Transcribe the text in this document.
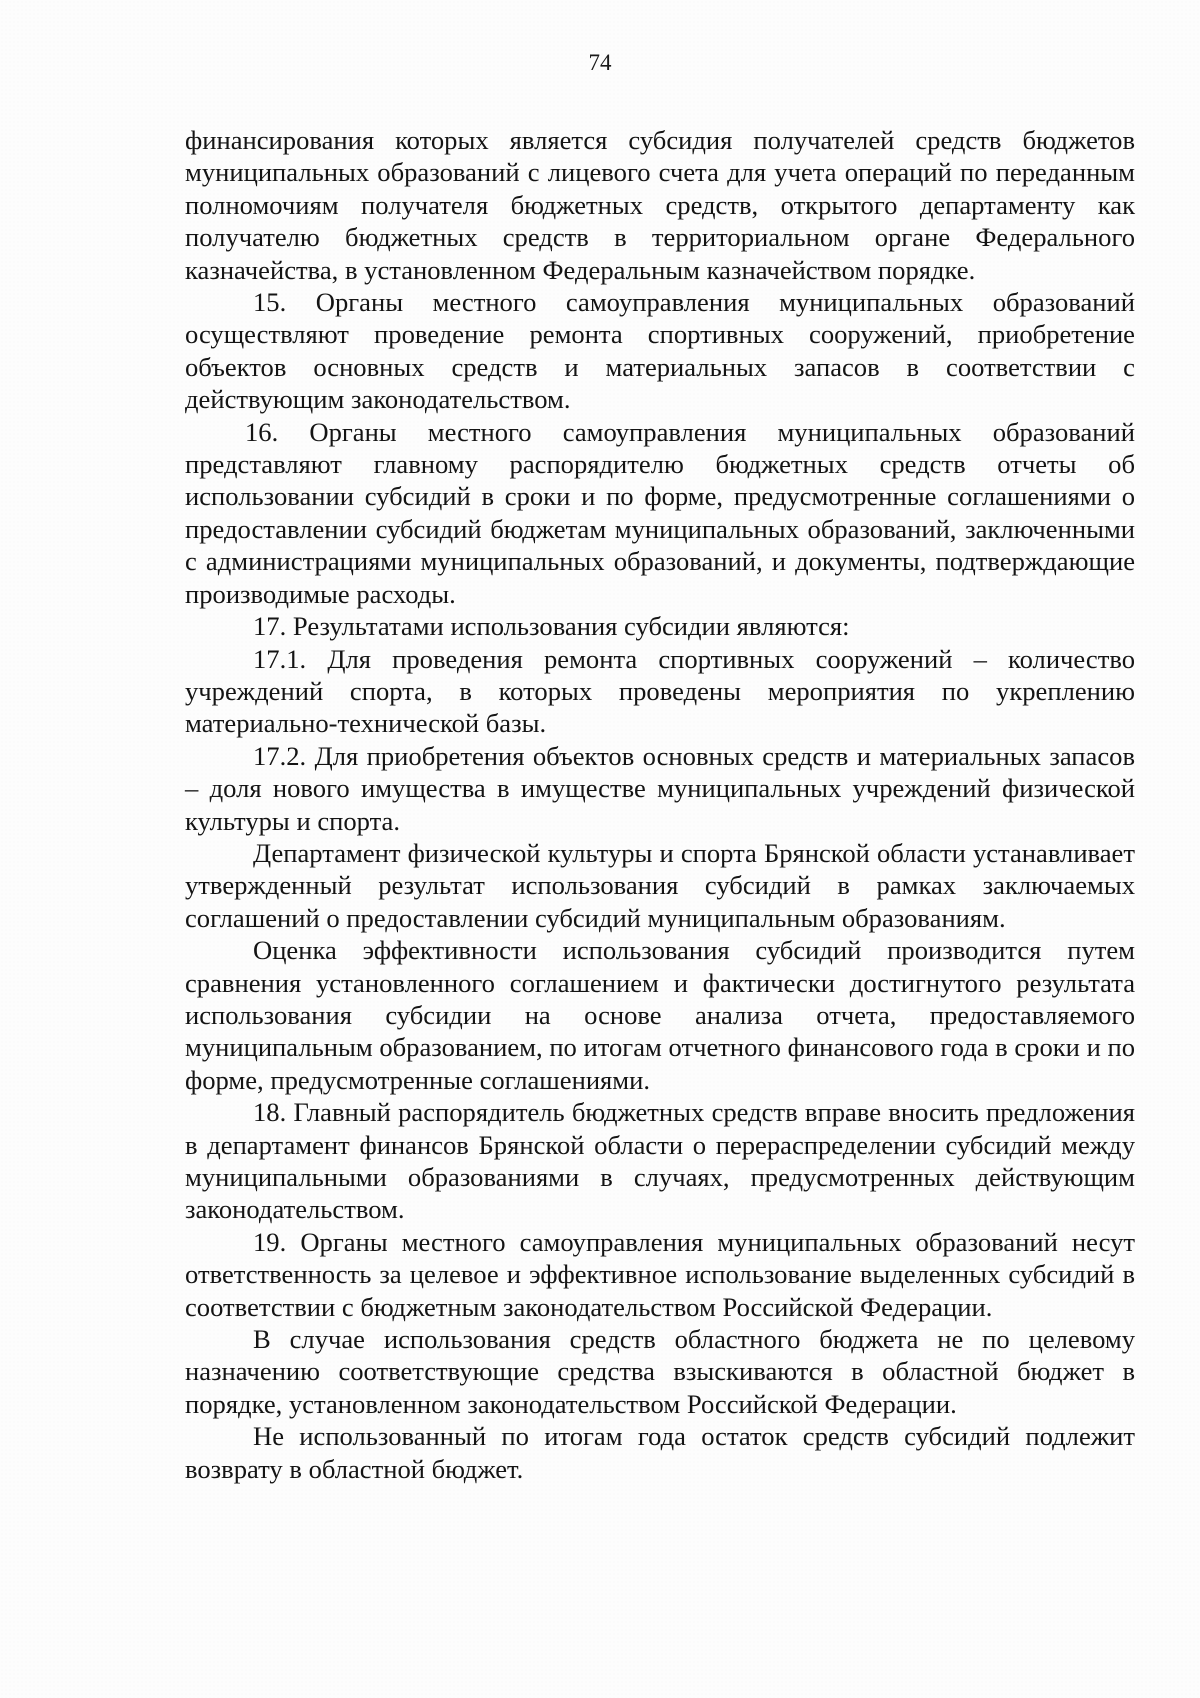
74

финансирования которых является субсидия получателей средств бюджетов муниципальных образований с лицевого счета для учета операций по переданным полномочиям получателя бюджетных средств, открытого департаменту как получателю бюджетных средств в территориальном органе Федерального казначейства, в установленном Федеральным казначейством порядке.

15. Органы местного самоуправления муниципальных образований осуществляют проведение ремонта спортивных сооружений, приобретение объектов основных средств и материальных запасов в соответствии с действующим законодательством.

16. Органы местного самоуправления муниципальных образований представляют главному распорядителю бюджетных средств отчеты об использовании субсидий в сроки и по форме, предусмотренные соглашениями о предоставлении субсидий бюджетам муниципальных образований, заключенными с администрациями муниципальных образований, и документы, подтверждающие производимые расходы.

17. Результатами использования субсидии являются:

17.1. Для проведения ремонта спортивных сооружений – количество учреждений спорта, в которых проведены мероприятия по укреплению материально-технической базы.

17.2. Для приобретения объектов основных средств и материальных запасов – доля нового имущества в имуществе муниципальных учреждений физической культуры и спорта.

Департамент физической культуры и спорта Брянской области устанавливает утвержденный результат использования субсидий в рамках заключаемых соглашений о предоставлении субсидий муниципальным образованиям.

Оценка эффективности использования субсидий производится путем сравнения установленного соглашением и фактически достигнутого результата использования субсидии на основе анализа отчета, предоставляемого муниципальным образованием, по итогам отчетного финансового года в сроки и по форме, предусмотренные соглашениями.

18. Главный распорядитель бюджетных средств вправе вносить предложения в департамент финансов Брянской области о перераспределении субсидий между муниципальными образованиями в случаях, предусмотренных действующим законодательством.

19. Органы местного самоуправления муниципальных образований несут ответственность за целевое и эффективное использование выделенных субсидий в соответствии с бюджетным законодательством Российской Федерации.

В случае использования средств областного бюджета не по целевому назначению соответствующие средства взыскиваются в областной бюджет в порядке, установленном законодательством Российской Федерации.

Не использованный по итогам года остаток средств субсидий подлежит возврату в областной бюджет.
